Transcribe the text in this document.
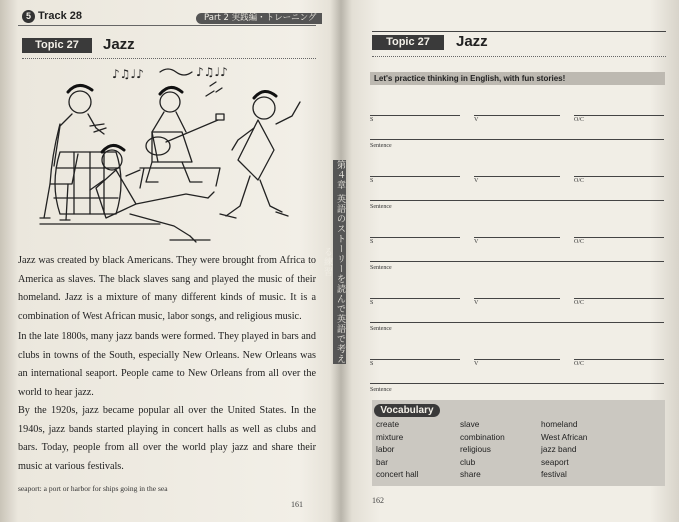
5 Track 28	Part 2 実践編・トレーニング
Topic 27	Jazz
♪♫♩♪	♪♫♩♪
Jazz was created by black Americans. They were brought from Africa to America as slaves. The black slaves sang and played the music of their homeland. Jazz is a mixture of many different kinds of music. It is a combination of West African music, labor songs, and religious music.
In the late 1800s, many jazz bands were formed. They played in bars and clubs in towns of the South, especially New Orleans. New Orleans was an international seaport. People came to New Orleans from all over the world to hear jazz.
By the 1920s, jazz became popular all over the United States. In the 1940s, jazz bands started playing in concert halls as well as clubs and bars. Today, people from all over the world play jazz and share their music at various festivals.
seaport: a port or harbor for ships going in the sea
161
第４章 英語のストーリーを読んで英語で考える練習
Topic 27	Jazz
Let's practice thinking in English, with fun stories!
S	V	O/C
Sentence
S	V	O/C
Sentence
S	V	O/C
Sentence
S	V	O/C
Sentence
S	V	O/C
Sentence
Vocabulary
create	slave	homeland
mixture	combination	West African
labor	religious	jazz band
bar	club	seaport
concert hall	share	festival
162
